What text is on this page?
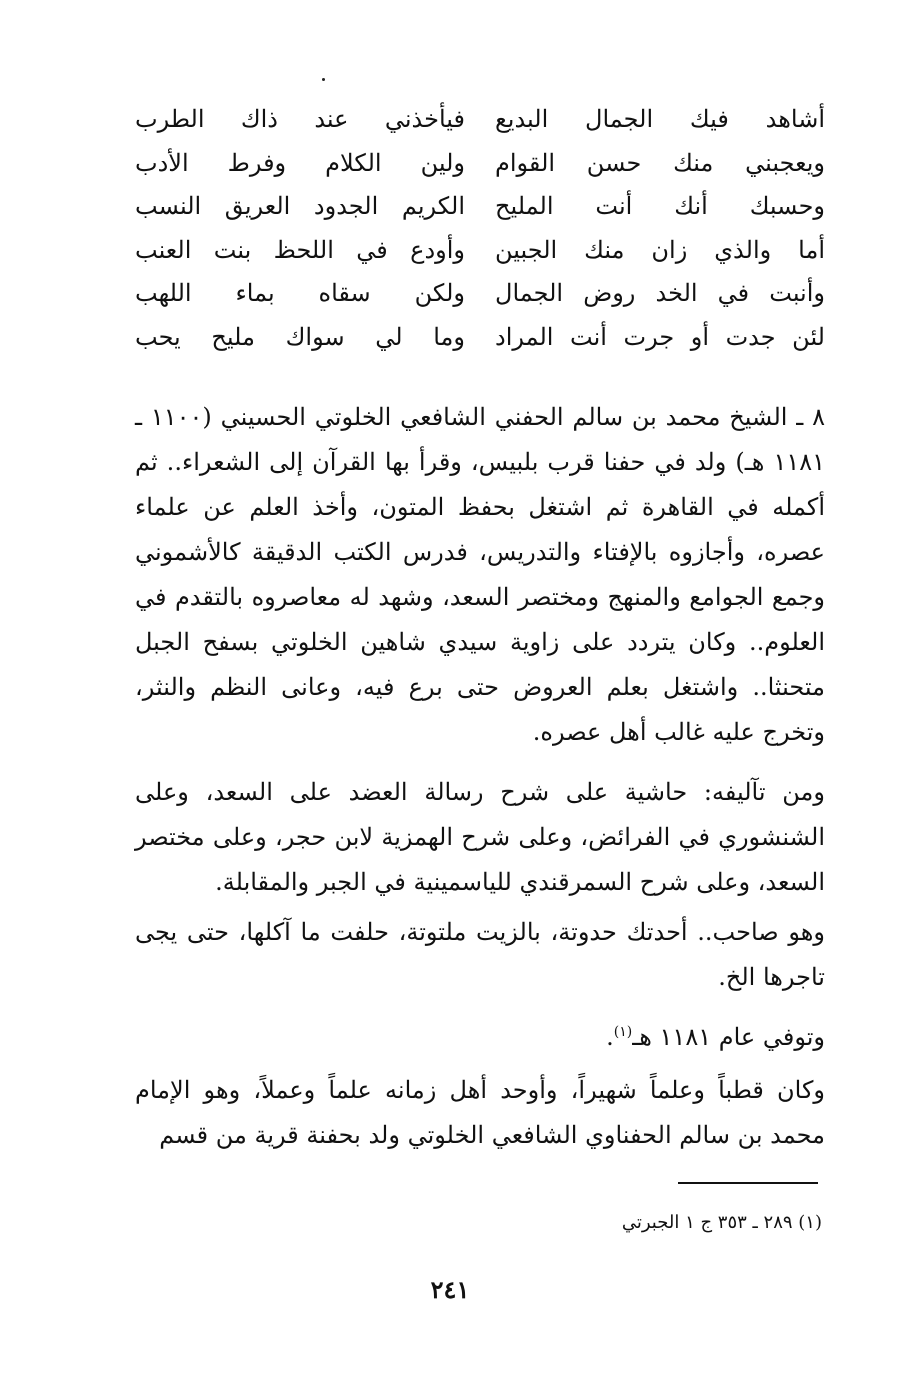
أشاهد فيك الجمال البديع
فيأخذني عند ذاك الطرب
ويعجبني منك حسن القوام
ولين الكلام وفرط الأدب
وحسبك أنك أنت المليح
الكريم الجدود العريق النسب
أما والذي زان منك الجبين
وأودع في اللحظ بنت العنب
وأنبت في الخد روض الجمال
ولكن سقاه بماء اللهب
لئن جدت أو جرت أنت المراد
وما لي سواك مليح يحب

٨ ـ الشيخ محمد بن سالم الحفني الشافعي الخلوتي الحسيني (١١٠٠ ـ ١١٨١ هـ) ولد في حفنا قرب بلبيس، وقرأ بها القرآن إلى الشعراء.. ثم أكمله في القاهرة ثم اشتغل بحفظ المتون، وأخذ العلم عن علماء عصره، وأجازوه بالإفتاء والتدريس، فدرس الكتب الدقيقة كالأشموني وجمع الجوامع والمنهج ومختصر السعد، وشهد له معاصروه بالتقدم في العلوم.. وكان يتردد على زاوية سيدي شاهين الخلوتي بسفح الجبل متحنثا.. واشتغل بعلم العروض حتى برع فيه، وعانى النظم والنثر، وتخرج عليه غالب أهل عصره.

ومن تآليفه: حاشية على شرح رسالة العضد على السعد، وعلى الشنشوري في الفرائض، وعلى شرح الهمزية لابن حجر، وعلى مختصر السعد، وعلى شرح السمرقندي للياسمينية في الجبر والمقابلة.

وهو صاحب.. أحدتك حدوتة، بالزيت ملتوتة، حلفت ما آكلها، حتى يجى تاجرها الخ.

وتوفي عام ١١٨١ هـ$^{(١)}$.

وكان قطباً وعلماً شهيراً، وأوحد أهل زمانه علماً وعملاً، وهو الإمام محمد بن سالم الحفناوي الشافعي الخلوتي ولد بحفنة قرية من قسم

(١) ٢٨٩ ـ ٣٥٣ ج ١ الجبرتي
٢٤١
